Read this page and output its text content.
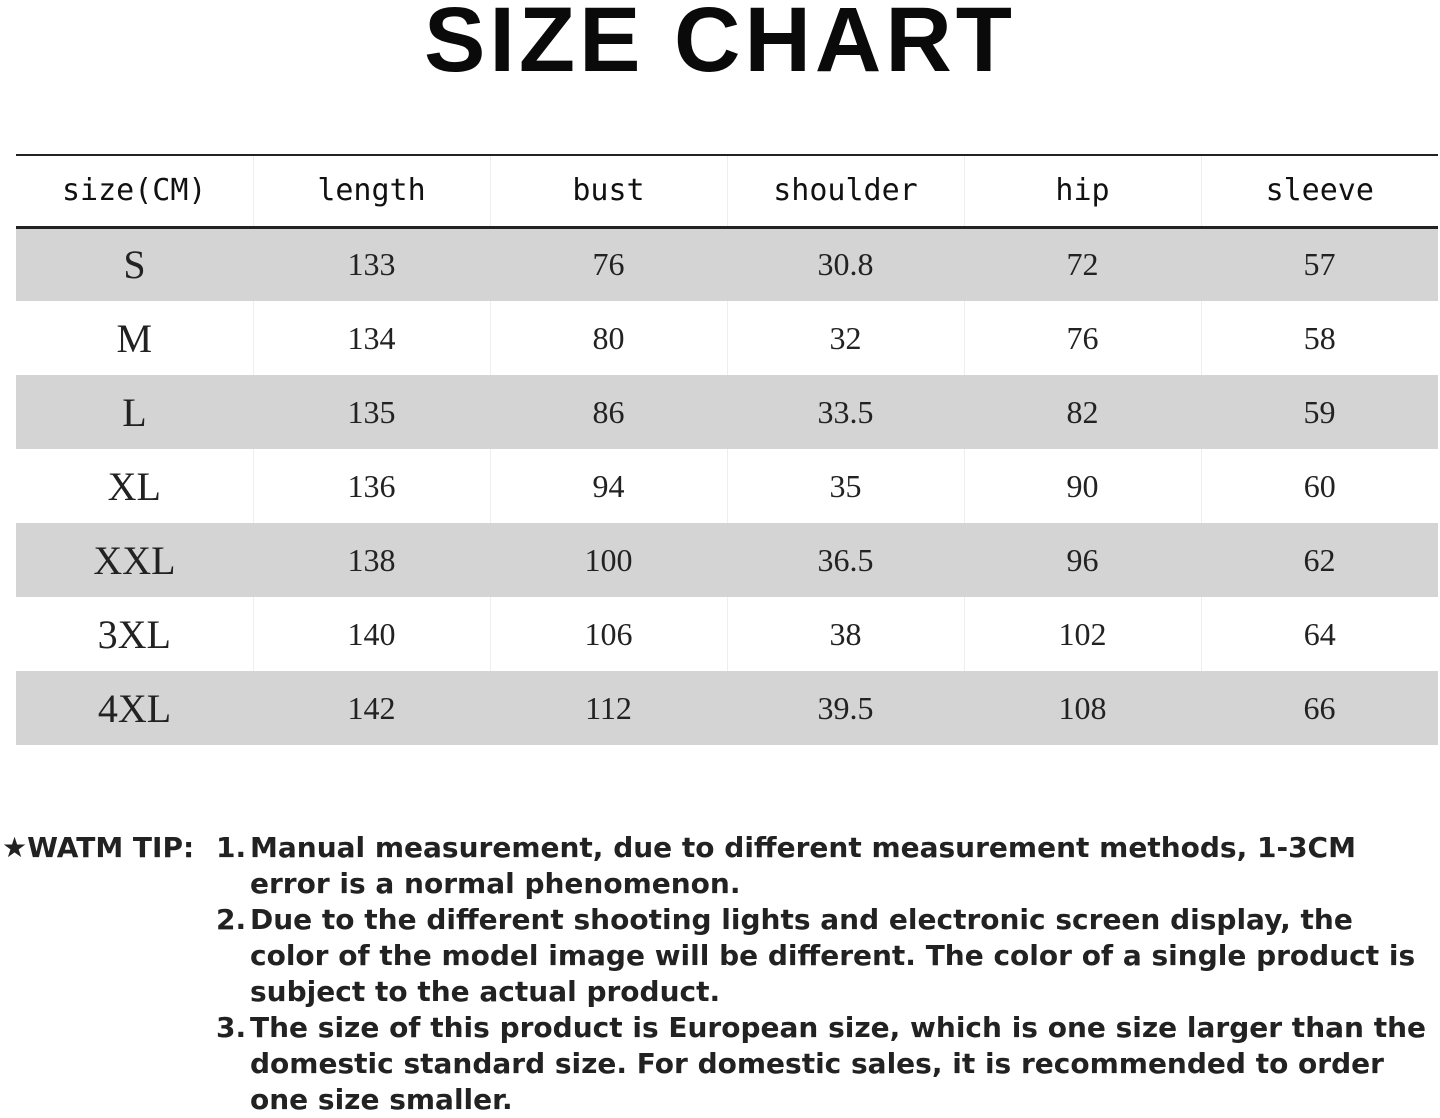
SIZE CHART
size(CM)	length	bust	shoulder	hip	sleeve
S	133	76	30.8	72	57
M	134	80	32	76	58
L	135	86	33.5	82	59
XL	136	94	35	90	60
XXL	138	100	36.5	96	62
3XL	140	106	38	102	64
4XL	142	112	39.5	108	66
★WATM TIP: 1. Manual measurement, due to different measurement methods, 1-3CM error is a normal phenomenon.
2. Due to the different shooting lights and electronic screen display, the color of the model image will be different. The color of a single product is subject to the actual product.
3. The size of this product is European size, which is one size larger than the domestic standard size. For domestic sales, it is recommended to order one size smaller.
